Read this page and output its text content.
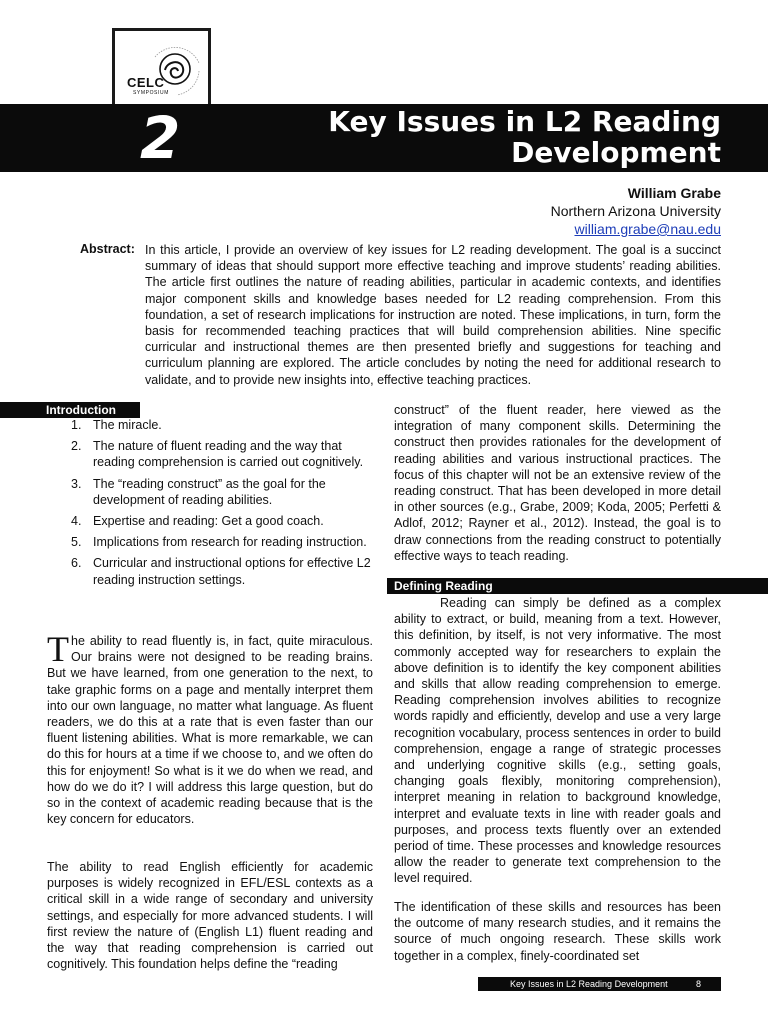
CELC
SYMPOSIUM
2	Key Issues in L2 Reading
Development
William Grabe
Northern Arizona University
william.grabe@nau.edu
Abstract: In this article, I provide an overview of key issues for L2 reading development. The goal is a succinct summary of ideas that should support more effective teaching and improve students’ reading abilities. The article first outlines the nature of reading abilities, particular in academic contexts, and identifies major component skills and knowledge bases needed for L2 reading comprehension. From this foundation, a set of research implications for instruction are noted. These implications, in turn, form the basis for recommended teaching practices that will build comprehension abilities. Nine specific curricular and instructional themes are then presented briefly and suggestions for teaching and curriculum planning are explored. The article concludes by noting the need for additional research to validate, and to provide new insights into, effective teaching practices.
Introduction
1. The miracle.
2. The nature of fluent reading and the way that reading comprehension is carried out cognitively.
3. The “reading construct” as the goal for the development of reading abilities.
4. Expertise and reading: Get a good coach.
5. Implications from research for reading instruction.
6. Curricular and instructional options for effective L2 reading instruction settings.

The ability to read fluently is, in fact, quite miraculous. Our brains were not designed to be reading brains. But we have learned, from one generation to the next, to take graphic forms on a page and mentally interpret them into our own language, no matter what language. As fluent readers, we do this at a rate that is even faster than our fluent listening abilities. What is more remarkable, we can do this for hours at a time if we choose to, and we often do this for enjoyment! So what is it we do when we read, and how do we do it? I will address this large question, but do so in the context of academic reading because that is the key concern for educators.

The ability to read English efficiently for academic purposes is widely recognized in EFL/ESL contexts as a critical skill in a wide range of secondary and university settings, and especially for more advanced students. I will first review the nature of (English L1) fluent reading and the way that reading comprehension is carried out cognitively. This foundation helps define the “reading

construct” of the fluent reader, here viewed as the integration of many component skills. Determining the construct then provides rationales for the development of reading abilities and various instructional practices. The focus of this chapter will not be an extensive review of the reading construct. That has been developed in more detail in other sources (e.g., Grabe, 2009; Koda, 2005; Perfetti & Adlof, 2012; Rayner et al., 2012). Instead, the goal is to draw connections from the reading construct to potentially effective ways to teach reading.

Defining Reading

Reading can simply be defined as a complex ability to extract, or build, meaning from a text. However, this definition, by itself, is not very informative. The most commonly accepted way for researchers to explain the above definition is to identify the key component abilities and skills that allow reading comprehension to emerge. Reading comprehension involves abilities to recognize words rapidly and efficiently, develop and use a very large recognition vocabulary, process sentences in order to build comprehension, engage a range of strategic processes and underlying cognitive skills (e.g., setting goals, changing goals flexibly, monitoring comprehension), interpret meaning in relation to background knowledge, interpret and evaluate texts in line with reader goals and purposes, and process texts fluently over an extended period of time. These processes and knowledge resources allow the reader to generate text comprehension to the level required.

The identification of these skills and resources has been the outcome of many research studies, and it remains the source of much ongoing research. These skills work together in a complex, finely-coordinated set

Key Issues in L2 Reading Development	8
